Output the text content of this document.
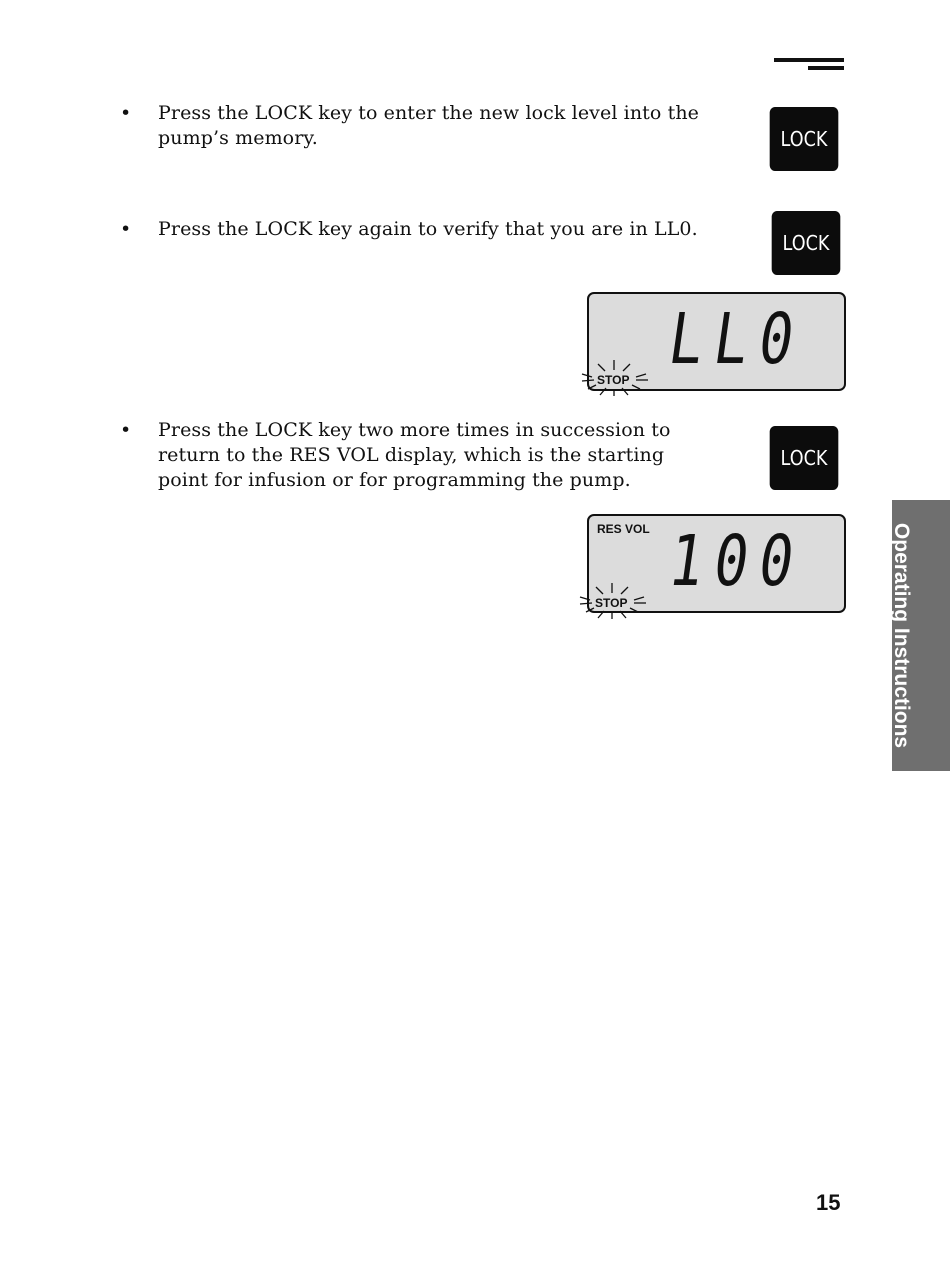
• Press the LOCK key to enter the new lock level into the pump’s memory.	LOCK
• Press the LOCK key again to verify that you are in LL0.
LOCK
LL0
STOP
• Press the LOCK key two more times in succession to return to the RES VOL display, which is the starting point for infusion or for programming the pump.
LOCK
RES VOL 100
STOP	Operating Instructions
15
